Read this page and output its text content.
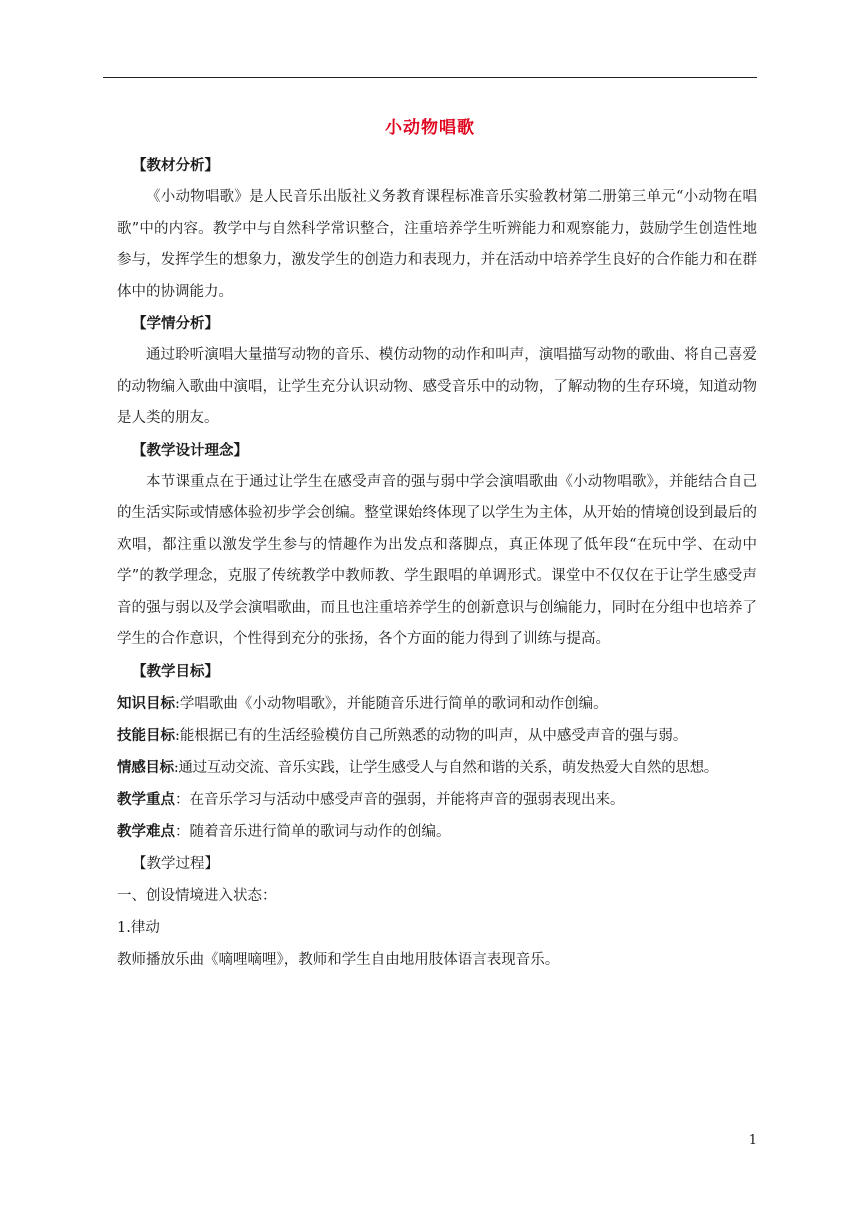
小动物唱歌

【教材分析】

《小动物唱歌》是人民音乐出版社义务教育课程标准音乐实验教材第二册第三单元“小动物在唱歌”中的内容。教学中与自然科学常识整合，注重培养学生听辨能力和观察能力，鼓励学生创造性地参与，发挥学生的想象力，激发学生的创造力和表现力，并在活动中培养学生良好的合作能力和在群体中的协调能力。

【学情分析】

通过聆听演唱大量描写动物的音乐、模仿动物的动作和叫声，演唱描写动物的歌曲、将自己喜爱的动物编入歌曲中演唱，让学生充分认识动物、感受音乐中的动物，了解动物的生存环境，知道动物是人类的朋友。

【教学设计理念】

本节课重点在于通过让学生在感受声音的强与弱中学会演唱歌曲《小动物唱歌》，并能结合自己的生活实际或情感体验初步学会创编。整堂课始终体现了以学生为主体，从开始的情境创设到最后的欢唱，都注重以激发学生参与的情趣作为出发点和落脚点，真正体现了低年段“在玩中学、在动中学”的教学理念，克服了传统教学中教师教、学生跟唱的单调形式。课堂中不仅仅在于让学生感受声音的强与弱以及学会演唱歌曲，而且也注重培养学生的创新意识与创编能力，同时在分组中也培养了学生的合作意识，个性得到充分的张扬，各个方面的能力得到了训练与提高。

【教学目标】

知识目标:学唱歌曲《小动物唱歌》，并能随音乐进行简单的歌词和动作创编。

技能目标:能根据已有的生活经验模仿自己所熟悉的动物的叫声，从中感受声音的强与弱。

情感目标:通过互动交流、音乐实践，让学生感受人与自然和谐的关系，萌发热爱大自然的思想。

教学重点：在音乐学习与活动中感受声音的强弱，并能将声音的强弱表现出来。

教学难点：随着音乐进行简单的歌词与动作的创编。

【教学过程】

一、创设情境进入状态：

1.律动

教师播放乐曲《嘀哩嘀哩》，教师和学生自由地用肢体语言表现音乐。

1
